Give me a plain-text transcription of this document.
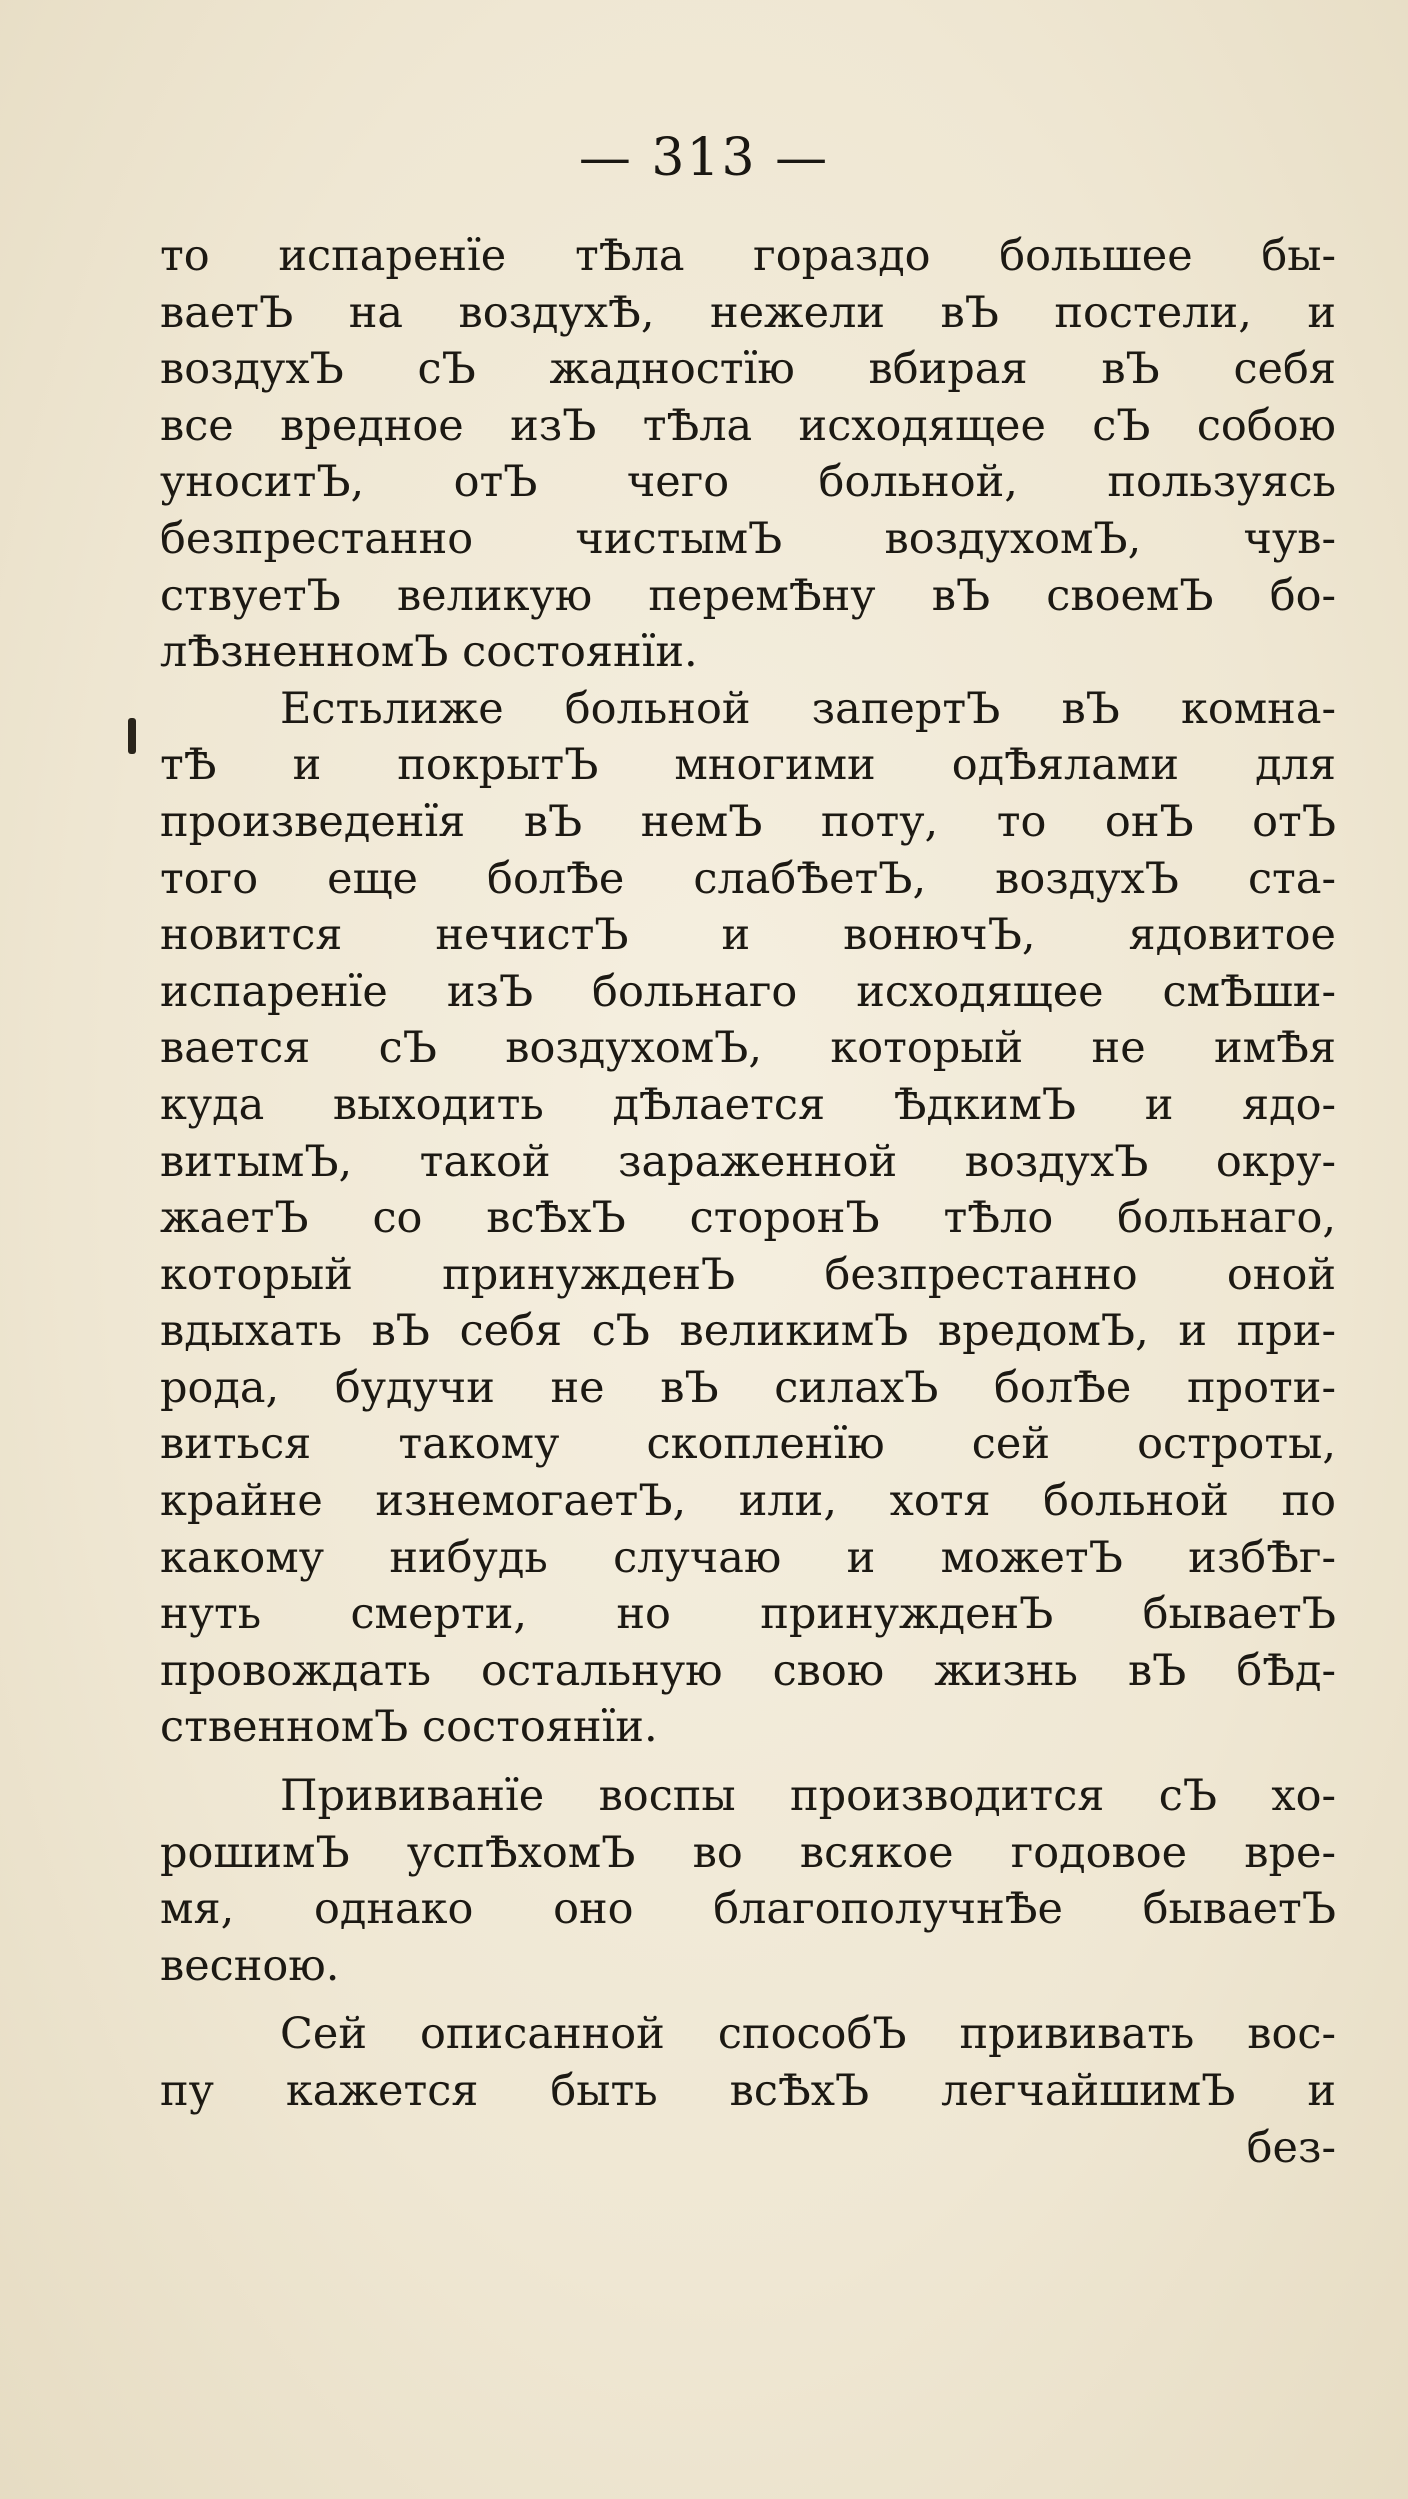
— 313 —
то испаренїе тѢла гораздо большее бы-
ваетЪ на воздухѢ, нежели вЪ постели, и
воздухЪ сЪ жадностїю вбирая вЪ себя
все вредное изЪ тѢла исходящее сЪ собою
уноситЪ, отЪ чего больной, пользуясь
безпрестанно чистымЪ воздухомЪ, чув-
ствуетЪ великую перемѢну вЪ своемЪ бо-
лѢзненномЪ состоянїи.
Естьлиже больной запертЪ вЪ комна-
тѢ и покрытЪ многими одѢялами для
произведенїя вЪ немЪ поту, то онЪ отЪ
того еще болѢе слабѢетЪ, воздухЪ ста-
новится нечистЪ и вонючЪ, ядовитое
испаренїе изЪ больнаго исходящее смѢши-
вается сЪ воздухомЪ, который не имѢя
куда выходить дѢлается ѢдкимЪ и ядо-
витымЪ, такой зараженной воздухЪ окру-
жаетЪ со всѢхЪ сторонЪ тѢло больнаго,
который принужденЪ безпрестанно оной
вдыхать вЪ себя сЪ великимЪ вредомЪ, и при-
рода, будучи не вЪ силахЪ болѢе проти-
виться такому скопленїю сей остроты,
крайне изнемогаетЪ, или, хотя больной по
какому нибудь случаю и можетЪ избѢг-
нуть смерти, но принужденЪ бываетЪ
провождать остальную свою жизнь вЪ бѢд-
ственномЪ состоянїи.
Прививанїе воспы производится сЪ хо-
рошимЪ успѢхомЪ во всякое годовое вре-
мя, однако оно благополучнѢе бываетЪ
весною.
Сей описанной способЪ прививать вос-
пу кажется быть всѢхЪ легчайшимЪ и
без-
